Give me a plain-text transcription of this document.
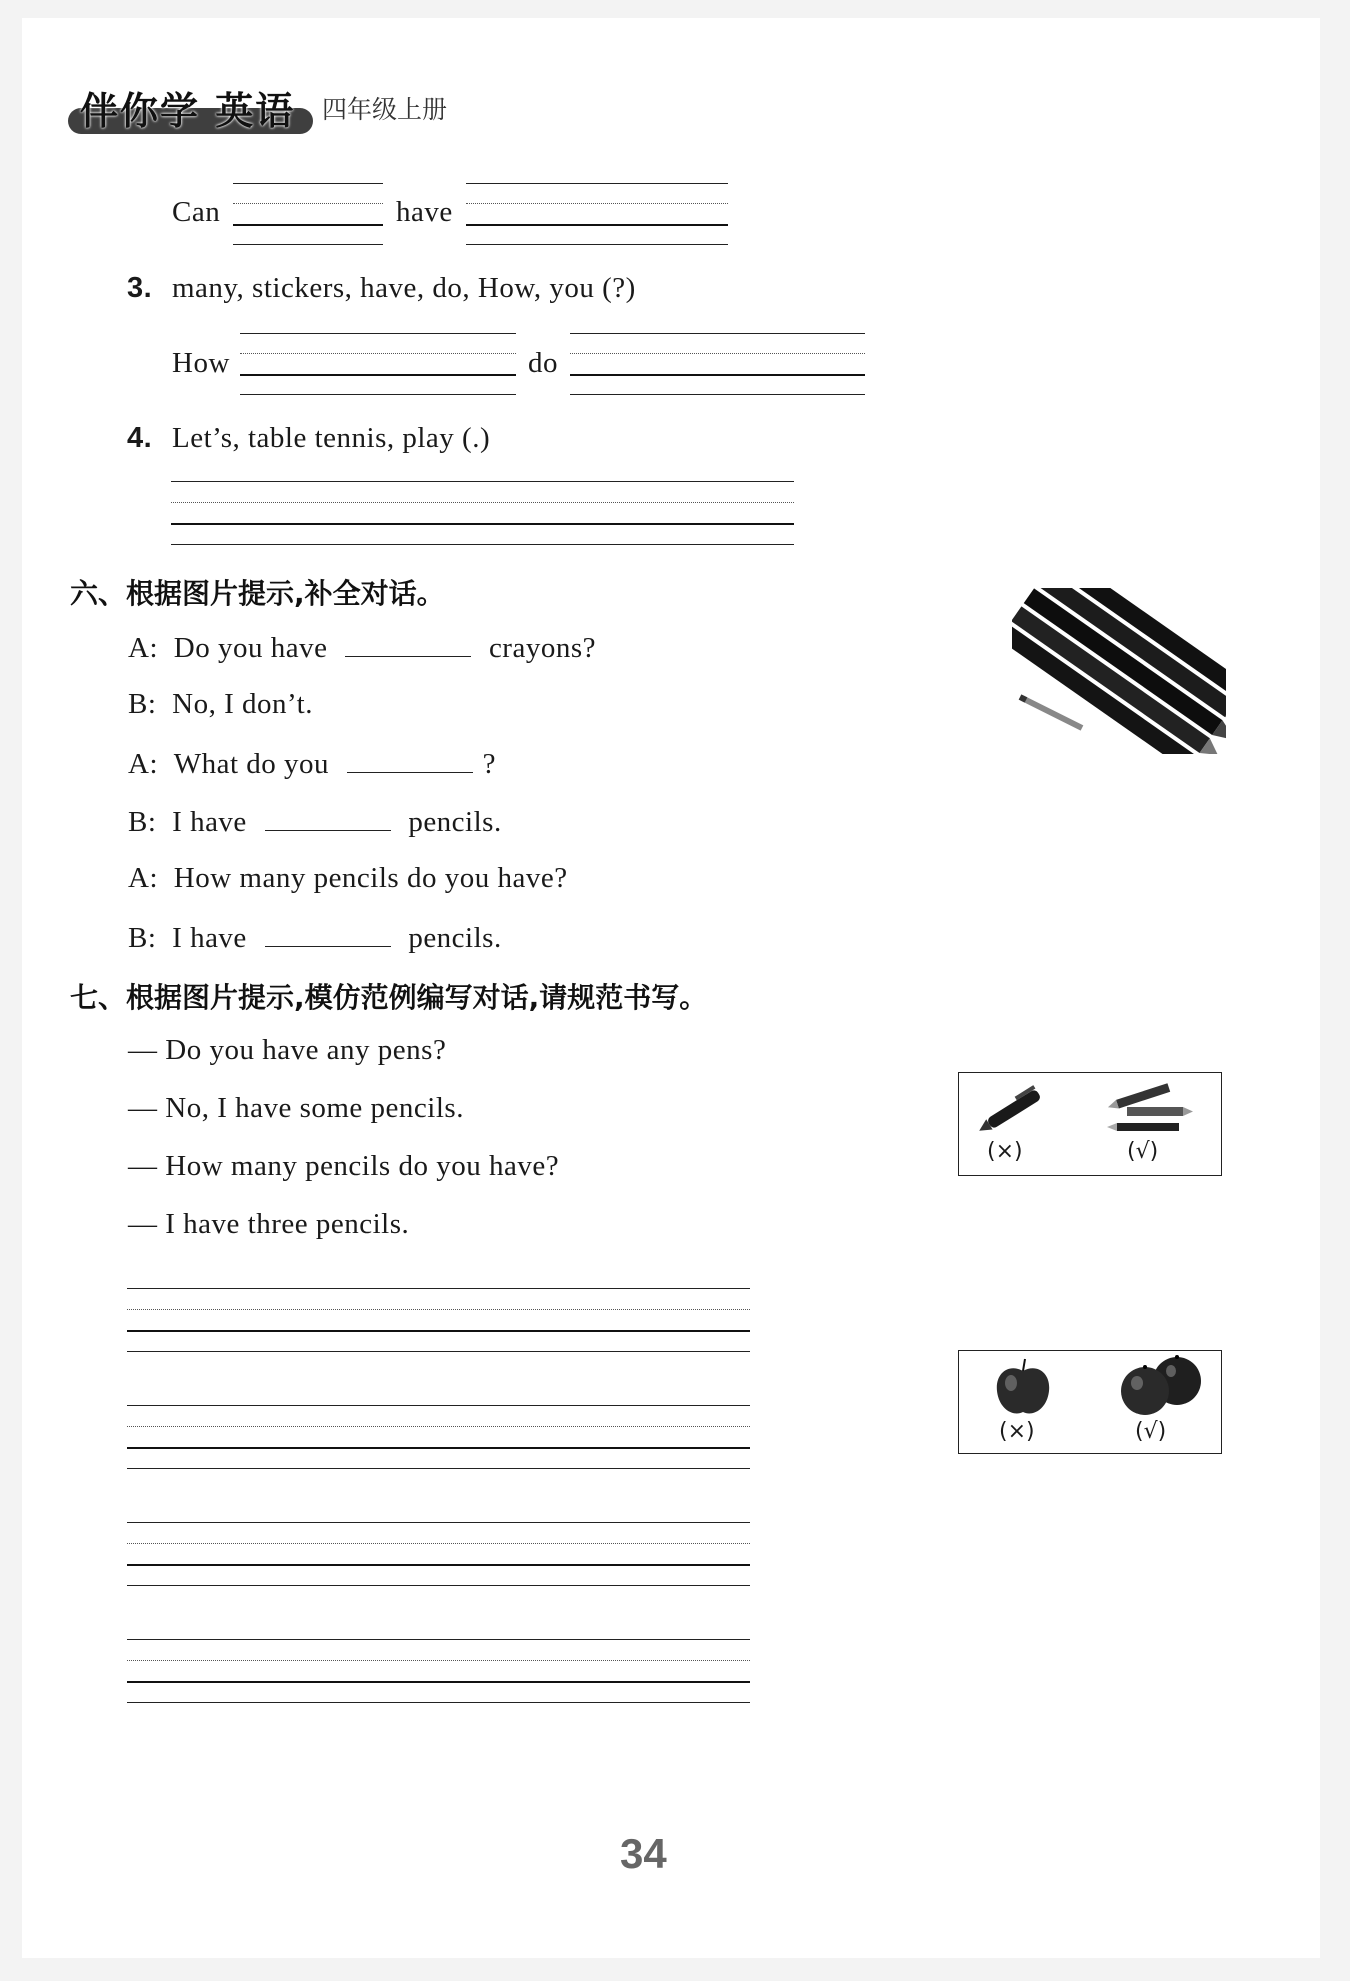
伴你学 英语 四年级上册
Can	have
3. many, stickers, have, do, How, you (?)
How	do
4. Let’s, table tennis, play (.)
六、根据图片提示,补全对话。
A: Do you have	crayons?
B: No, I don’t.
A: What do you	?
B: I have	pencils.
A: How many pencils do you have?
B: I have	pencils.
七、根据图片提示,模仿范例编写对话,请规范书写。
— Do you have any pens?
— No, I have some pencils.
— How many pencils do you have?
— I have three pencils.
(×)	(√)
(×)	(√)
34
